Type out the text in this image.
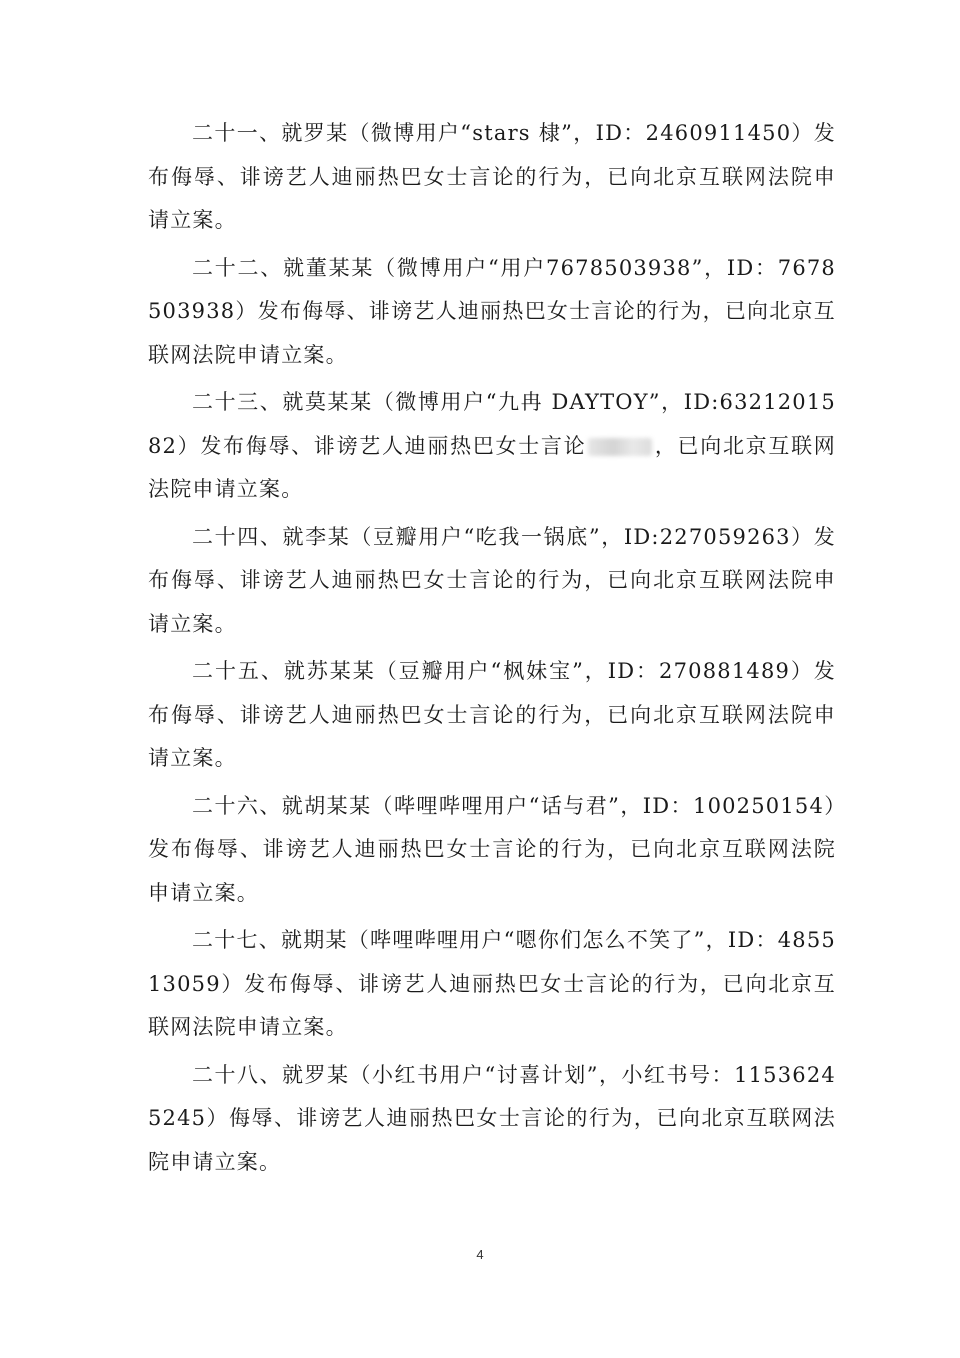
二十一、就罗某（微博用户“stars 棣”，ID：2460911450）发布侮辱、诽谤艺人迪丽热巴女士言论的行为，已向北京互联网法院申请立案。

二十二、就董某某（微博用户“用户7678503938”，ID：7678503938）发布侮辱、诽谤艺人迪丽热巴女士言论的行为，已向北京互联网法院申请立案。

二十三、就莫某某（微博用户“九冉 DAYTOY”，ID:6321201582）发布侮辱、诽谤艺人迪丽热巴女士言论	，已向北京互联网法院申请立案。

二十四、就李某（豆瓣用户“吃我一锅底”，ID:227059263）发布侮辱、诽谤艺人迪丽热巴女士言论的行为，已向北京互联网法院申请立案。

二十五、就苏某某（豆瓣用户“枫妹宝”，ID：270881489）发布侮辱、诽谤艺人迪丽热巴女士言论的行为，已向北京互联网法院申请立案。

二十六、就胡某某（哔哩哔哩用户“话与君”，ID：100250154）发布侮辱、诽谤艺人迪丽热巴女士言论的行为，已向北京互联网法院申请立案。

二十七、就期某（哔哩哔哩用户“嗯你们怎么不笑了”，ID：485513059）发布侮辱、诽谤艺人迪丽热巴女士言论的行为，已向北京互联网法院申请立案。

二十八、就罗某（小红书用户“讨喜计划”，小红书号：11536245245）侮辱、诽谤艺人迪丽热巴女士言论的行为，已向北京互联网法院申请立案。

4
